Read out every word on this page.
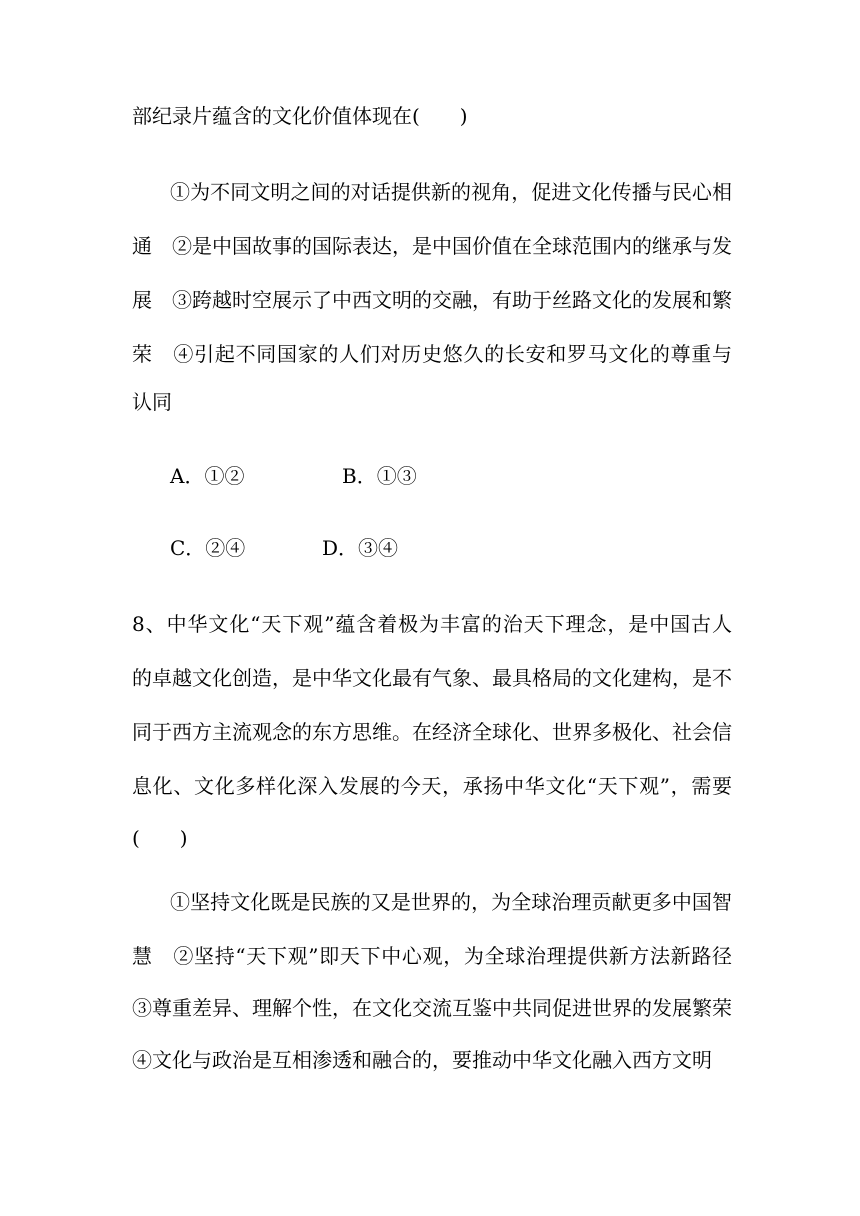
部纪录片蕴含的文化价值体现在(　　)
①为不同文明之间的对话提供新的视角，促进文化传播与民心相
通　②是中国故事的国际表达，是中国价值在全球范围内的继承与发
展　③跨越时空展示了中西文明的交融，有助于丝路文化的发展和繁
荣　④引起不同国家的人们对历史悠久的长安和罗马文化的尊重与
认同
A．①②	B．①③
C．②④	D．③④
8、中华文化“天下观”蕴含着极为丰富的治天下理念，是中国古人
的卓越文化创造，是中华文化最有气象、最具格局的文化建构，是不
同于西方主流观念的东方思维。在经济全球化、世界多极化、社会信
息化、文化多样化深入发展的今天，承扬中华文化“天下观”，需要
(　　)
①坚持文化既是民族的又是世界的，为全球治理贡献更多中国智
慧　②坚持“天下观”即天下中心观，为全球治理提供新方法新路径
③尊重差异、理解个性，在文化交流互鉴中共同促进世界的发展繁荣
④文化与政治是互相渗透和融合的，要推动中华文化融入西方文明
